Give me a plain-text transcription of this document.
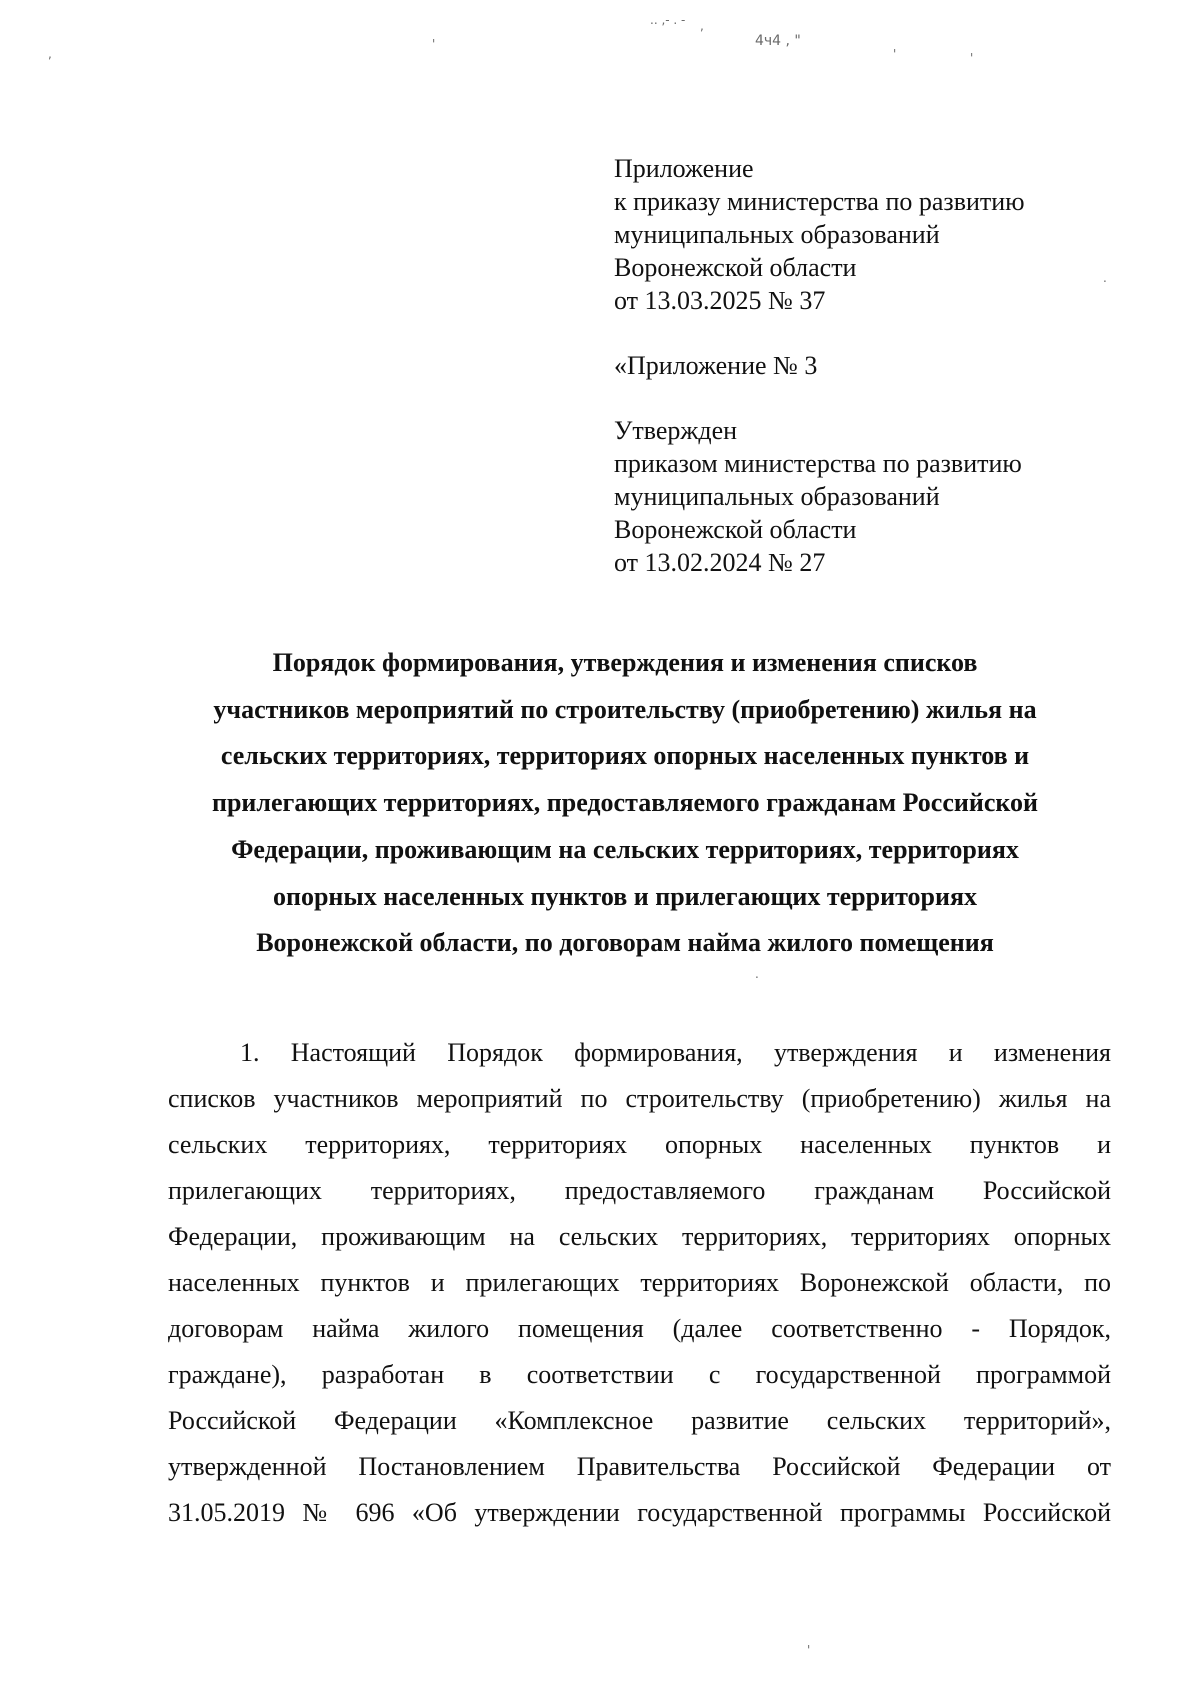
.. ,- . -
4ч4 , "
,
'
'	'
'
.
.
,
Приложение
к приказу министерства по развитию
муниципальных образований
Воронежской области
от 13.03.2025 № 37
«Приложение № 3
Утвержден
приказом министерства по развитию
муниципальных образований
Воронежской области
от 13.02.2024 № 27
Порядок формирования, утверждения и изменения списков
участников мероприятий по строительству (приобретению) жилья на
сельских территориях, территориях опорных населенных пунктов и
прилегающих территориях, предоставляемого гражданам Российской
Федерации, проживающим на сельских территориях, территориях
опорных населенных пунктов и прилегающих территориях
Воронежской области, по договорам найма жилого помещения
1. Настоящий Порядок формирования, утверждения и изменения
списков участников мероприятий по строительству (приобретению) жилья на
сельских территориях, территориях опорных населенных пунктов и
прилегающих территориях, предоставляемого гражданам Российской
Федерации, проживающим на сельских территориях, территориях опорных
населенных пунктов и прилегающих территориях Воронежской области, по
договорам найма жилого помещения (далее соответственно - Порядок,
граждане), разработан в соответствии с государственной программой
Российской Федерации «Комплексное развитие сельских территорий»,
утвержденной Постановлением Правительства Российской Федерации от
31.05.2019 № 696 «Об утверждении государственной программы Российской
